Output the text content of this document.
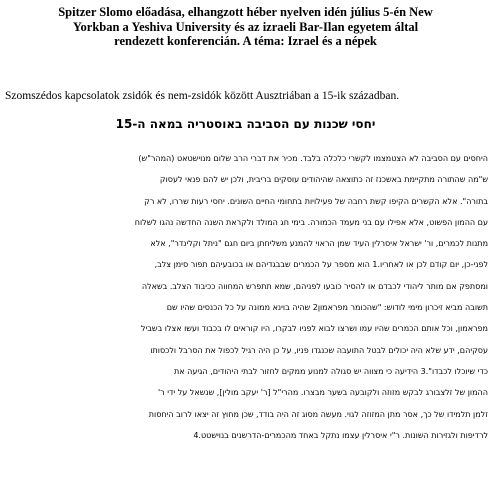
Spitzer Slomo előadása, elhangzott héber nyelven idén július 5-én New
Yorkban a Yeshiva University és az izraeli Bar-Ilan egyetem által
rendezett konferencián. A téma: Izrael és a népek

Szomszédos kapcsolatok zsidók és nem-zsidók között Ausztriában a 15-ik században.

יחסי שכנות עם הסביבה באוסטריה במאה ה-15
היחסים עם הסביבה לא הצטמצמו לקשרי כלכלה בלבד. מכיר את דברי הרב שלום מנוישטאט (המהר"ש)
ש"מה שהתורה מתקיימת באשכנז זה כתוצאה שהיהודים עוסקים בריבית, ולכן יש להם פנאי לעסוק
בתורה". אלא הקשרים הקיפו קשת רחבה של פעילויות בתחומי החיים השונים. יחסי רעות שררו, לא רק
עם ההמון הפשוט, אלא אפילו עם בני מעמד הכמורה. בימי חג המולד ולקראת השנה החדשה נהגו לשלוח
מתנות לכמרים, ור' ישראל איסרלין העיד שמן הראוי להמנע משליחתן ביום חגם "ניתל וקלינדר", אלא
לפני-כן, יום קודם לכן או לאחריו.1 הוא מספר על הכמרים שבבגדיהם או בכובעיהם תפור סימן צלב,
ומסתפק אם מותר ליהודי לכבדם או להסיר כובעו לפניהם, שמא תתפרש המחווה ככיבוד הצלב. בשאלה
תשובה מביא זיכרון מימי לודוש: "שהכומר מפראמון2 שהיה בוינא ממונה על כל הכנסים שהיו שם
מפראמון, וכל אותם הכמרים שהיו עמו ושרצו לבוא לפניו לבקרו, היו קוראים לו בכבוד ועשו אצלו בשביל
עסקיהם, ידע שלא היה יכולים לבטל התועבה שכנגדו פניו, על כן היה רגיל לכפול את הסרבל ולכסותו
כדי שיוכלו לכבדו".3 הידיעה כי מצווה יש סגולה למנוע ממקים לחזור לבתי היהודים, הגיעה את
ההמון של זלצבורג לבקש מזוזה ולקובעה בשער מבצרו. מהרי"ל [ר' יעקב מולין], שנשאל על ידי ר'
זלמן תלמידו של כך, אסר מתן המזוזה לגוי. מעשה מסוג זה היה בודד, שכן מחוץ זה יצאו לרוב היחסות
לרדיפות ולגזירות השונות. ר"י איסרלין עצמו נתקל באחד מהכמרים-הדרשנים בנוישטט.4
